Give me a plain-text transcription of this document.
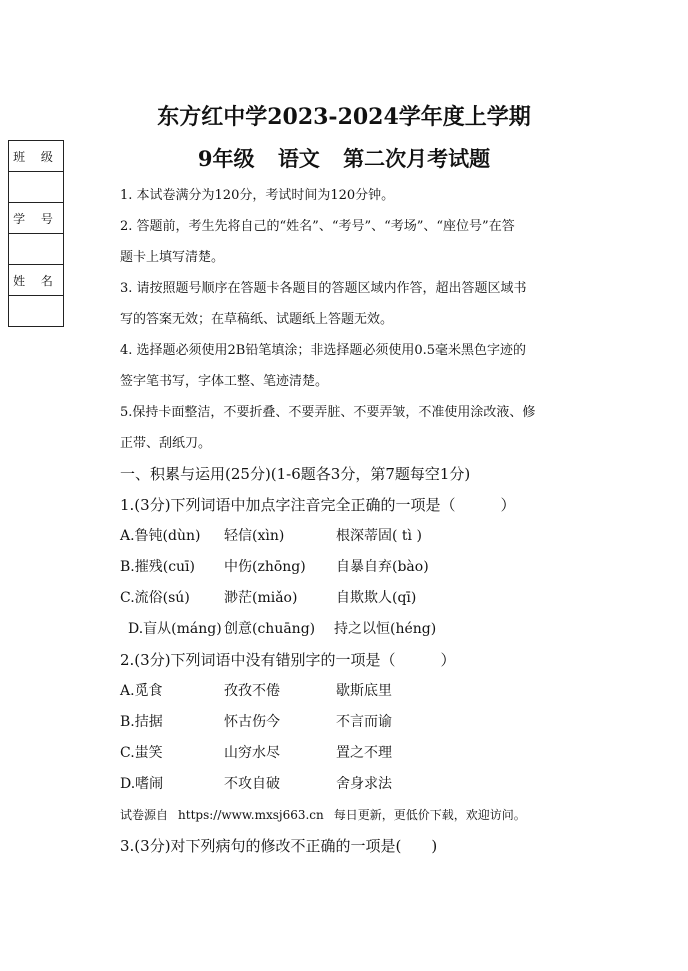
班 级

学 号

姓 名

东方红中学2023-2024学年度上学期
9年级 语文 第二次月考试题

1. 本试卷满分为120分，考试时间为120分钟。

2. 答题前，考生先将自己的“姓名”、“考号”、“考场”、“座位号”在答

题卡上填写清楚。

3. 请按照题号顺序在答题卡各题目的答题区域内作答，超出答题区域书

写的答案无效；在草稿纸、试题纸上答题无效。

4. 选择题必须使用2B铅笔填涂；非选择题必须使用0.5毫米黑色字迹的

签字笔书写，字体工整、笔迹清楚。

5.保持卡面整洁，不要折叠、不要弄脏、不要弄皱，不准使用涂改液、修

正带、刮纸刀。

一、积累与运用(25分)(1-6题各3分，第7题每空1分)

1.(3分)下列词语中加点字注音完全正确的一项是（　　　）

A.鲁钝(dùn) 轻信(xìn)	根深蒂固( tì )

B.摧残(cuī) 中伤(zhōng) 自暴自弃(bào)

C.流俗(sú) 渺茫(miǎo)	自欺欺人(qī)

D.盲从(máng) 创意(chuāng) 持之以恒(héng)

2.(3分)下列词语中没有错别字的一项是（　　　）

A.觅食	孜孜不倦	歇斯底里

B.拮据	怀古伤今	不言而谕

C.蚩笑	山穷水尽	置之不理

D.嗜闹	不攻自破	舍身求法

试卷源自 https://www.mxsj663.cn 每日更新，更低价下载，欢迎访问。

3.(3分)对下列病句的修改不正确的一项是(　　)
